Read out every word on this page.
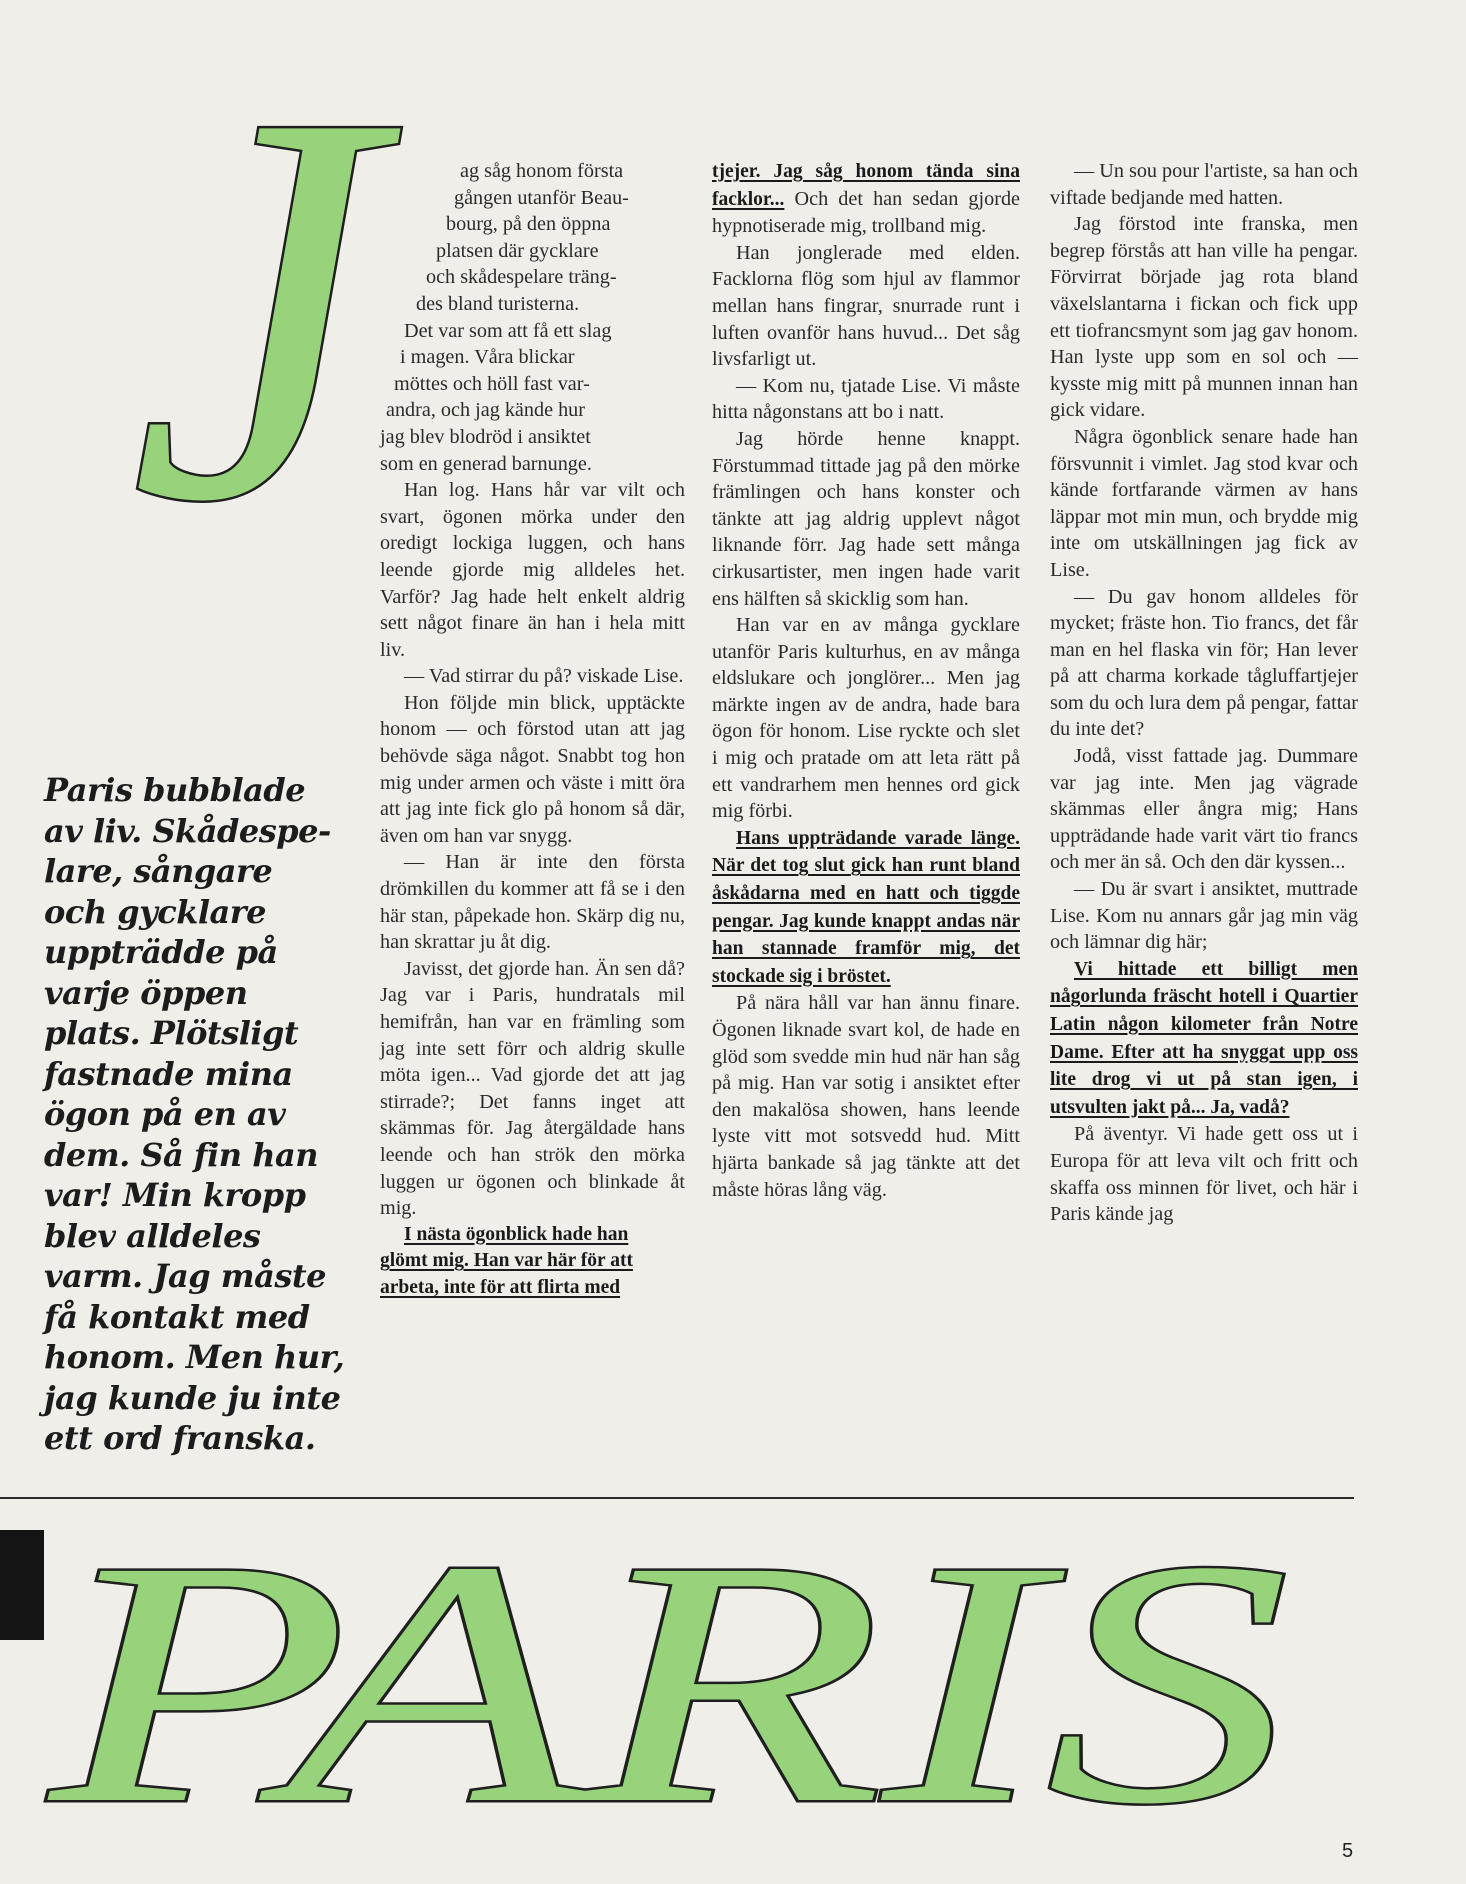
J	ag såg honom första
gången utanför Beau-
bourg, på den öppna
platsen där gycklare
och skådespelare träng-
des bland turisterna.
Det var som att få ett slag
i magen. Våra blickar
möttes och höll fast var-
andra, och jag kände hur
jag blev blodröd i ansiktet
som en generad barnunge.

Han log. Hans hår var vilt och svart, ögonen mörka under den oredigt lockiga luggen, och hans leende gjorde mig alldeles het. Varför? Jag hade helt enkelt aldrig sett något finare än han i hela mitt liv.

— Vad stirrar du på? viskade Lise.

Hon följde min blick, upptäckte honom — och förstod utan att jag behövde säga något. Snabbt tog hon mig under armen och väste i mitt öra att jag inte fick glo på honom så där, även om han var snygg.

— Han är inte den första drömkillen du kommer att få se i den här stan, påpekade hon. Skärp dig nu, han skrattar ju åt dig.

Javisst, det gjorde han. Än sen då? Jag var i Paris, hundratals mil hemifrån, han var en främling som jag inte sett förr och aldrig skulle möta igen... Vad gjorde det att jag stirrade?; Det fanns inget att skämmas för. Jag återgäldade hans leende och han strök den mörka luggen ur ögonen och blinkade åt mig.

I nästa ögonblick hade han
glömt mig. Han var här för att
arbeta, inte för att flirta med

tjejer. Jag såg honom tända sina facklor... Och det han sedan gjorde hypnotiserade mig, trollband mig.

Han jonglerade med elden. Facklorna flög som hjul av flammor mellan hans fingrar, snurrade runt i luften ovanför hans huvud... Det såg livsfarligt ut.

— Kom nu, tjatade Lise. Vi måste hitta någonstans att bo i natt.

Jag hörde henne knappt. Förstummad tittade jag på den mörke främlingen och hans konster och tänkte att jag aldrig upplevt något liknande förr. Jag hade sett många cirkusartister, men ingen hade varit ens hälften så skicklig som han.

Han var en av många gycklare utanför Paris kulturhus, en av många eldslukare och jonglörer... Men jag märkte ingen av de andra, hade bara ögon för honom. Lise ryckte och slet i mig och pratade om att leta rätt på ett vandrarhem men hennes ord gick mig förbi.

Hans uppträdande varade länge. När det tog slut gick han runt bland åskådarna med en hatt och tiggde pengar. Jag kunde knappt andas när han stannade framför mig, det stockade sig i bröstet.

På nära håll var han ännu finare. Ögonen liknade svart kol, de hade en glöd som svedde min hud när han såg på mig. Han var sotig i ansiktet efter den makalösa showen, hans leende lyste vitt mot sotsvedd hud. Mitt hjärta bankade så jag tänkte att det måste höras lång väg.

— Un sou pour l'artiste, sa han och viftade bedjande med hatten.

Jag förstod inte franska, men begrep förstås att han ville ha pengar. Förvirrat började jag rota bland växelslantarna i fickan och fick upp ett tiofrancsmynt som jag gav honom. Han lyste upp som en sol och — kysste mig mitt på munnen innan han gick vidare.

Några ögonblick senare hade han försvunnit i vimlet. Jag stod kvar och kände fortfarande värmen av hans läppar mot min mun, och brydde mig inte om utskällningen jag fick av Lise.

— Du gav honom alldeles för mycket; fräste hon. Tio francs, det får man en hel flaska vin för; Han lever på att charma korkade tågluffartjejer som du och lura dem på pengar, fattar du inte det?

Jodå, visst fattade jag. Dummare var jag inte. Men jag vägrade skämmas eller ångra mig; Hans uppträdande hade varit värt tio francs och mer än så. Och den där kyssen...

— Du är svart i ansiktet, muttrade Lise. Kom nu annars går jag min väg och lämnar dig här;

Vi hittade ett billigt men någorlunda fräscht hotell i Quartier Latin någon kilometer från Notre Dame. Efter att ha snyggat upp oss lite drog vi ut på stan igen, i utsvulten jakt på... Ja, vadå?

På äventyr. Vi hade gett oss ut i Europa för att leva vilt och fritt och skaffa oss minnen för livet, och här i Paris kände jag

Paris bubblade
av liv. Skådespe-
lare, sångare
och gycklare
uppträdde på
varje öppen
plats. Plötsligt
fastnade mina
ögon på en av
dem. Så fin han
var! Min kropp
blev alldeles
varm. Jag måste
få kontakt med
honom. Men hur,
jag kunde ju inte
ett ord franska.
PARIS	5
